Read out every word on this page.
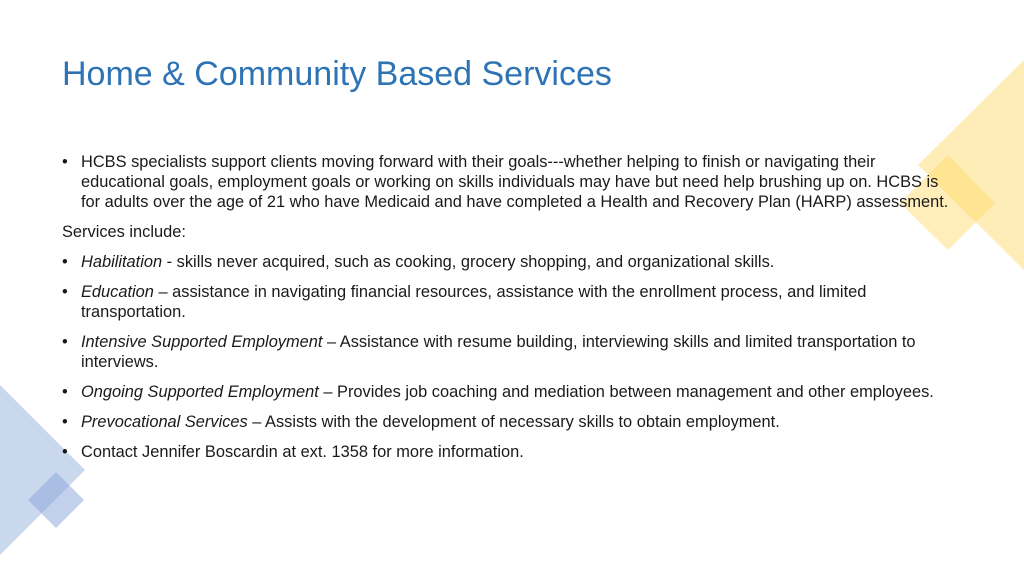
Home & Community Based Services
• HCBS specialists support clients moving forward with their goals---whether helping to finish or navigating their educational goals, employment goals or working on skills individuals may have but need help brushing up on. HCBS is for adults over the age of 21 who have Medicaid and have completed a Health and Recovery Plan (HARP) assessment.
Services include:
• Habilitation - skills never acquired, such as cooking, grocery shopping, and organizational skills.
• Education – assistance in navigating financial resources, assistance with the enrollment process, and limited transportation.
• Intensive Supported Employment – Assistance with resume building, interviewing skills and limited transportation to interviews.
• Ongoing Supported Employment – Provides job coaching and mediation between management and other employees.
• Prevocational Services – Assists with the development of necessary skills to obtain employment.
• Contact Jennifer Boscardin at ext. 1358 for more information.
